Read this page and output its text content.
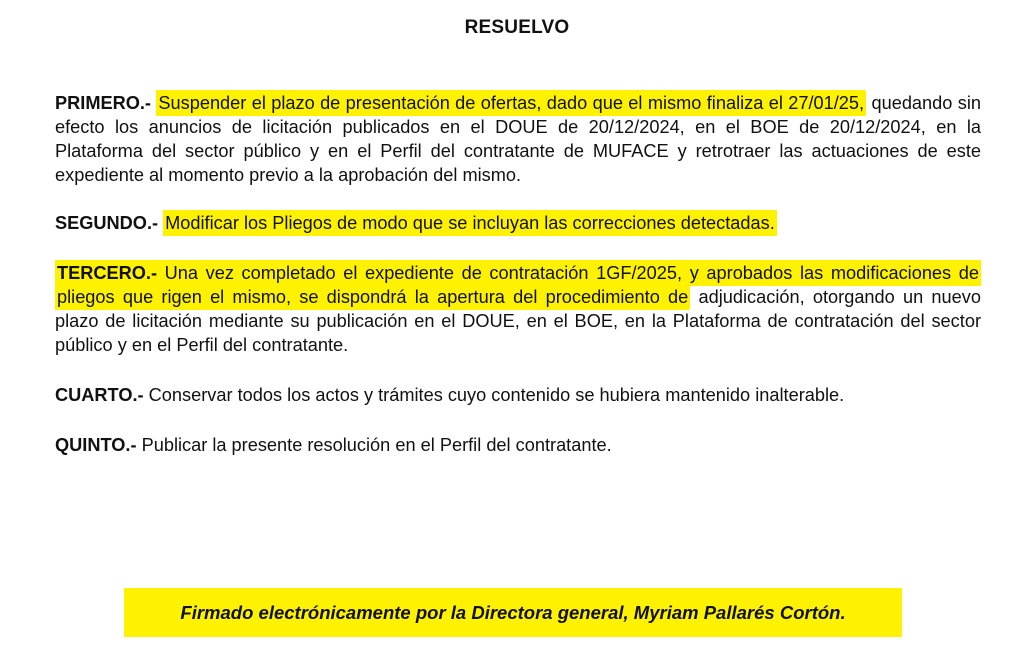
RESUELVO

PRIMERO.- Suspender el plazo de presentación de ofertas, dado que el mismo finaliza el 27/01/25, quedando sin efecto los anuncios de licitación publicados en el DOUE de 20/12/2024, en el BOE de 20/12/2024, en la Plataforma del sector público y en el Perfil del contratante de MUFACE y retrotraer las actuaciones de este expediente al momento previo a la aprobación del mismo.

SEGUNDO.- Modificar los Pliegos de modo que se incluyan las correcciones detectadas.

TERCERO.- Una vez completado el expediente de contratación 1GF/2025, y aprobados las modificaciones de pliegos que rigen el mismo, se dispondrá la apertura del procedimiento de adjudicación, otorgando un nuevo plazo de licitación mediante su publicación en el DOUE, en el BOE, en la Plataforma de contratación del sector público y en el Perfil del contratante.

CUARTO.- Conservar todos los actos y trámites cuyo contenido se hubiera mantenido inalterable.

QUINTO.- Publicar la presente resolución en el Perfil del contratante.

Firmado electrónicamente por la Directora general, Myriam Pallarés Cortón.
